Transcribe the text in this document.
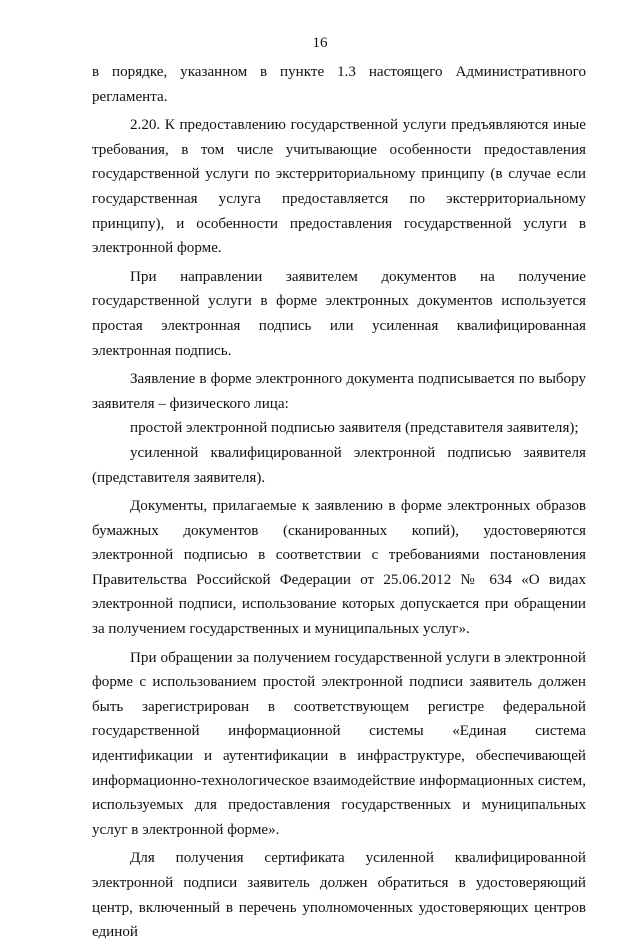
16

в порядке, указанном в пункте 1.3 настоящего Административного регламента.

2.20. К предоставлению государственной услуги предъявляются иные требования, в том числе учитывающие особенности предоставления государственной услуги по экстерриториальному принципу (в случае если государственная услуга предоставляется по экстерриториальному принципу), и особенности предоставления государственной услуги в электронной форме.

При направлении заявителем документов на получение государственной услуги в форме электронных документов используется простая электронная подпись или усиленная квалифицированная электронная подпись.

Заявление в форме электронного документа подписывается по выбору заявителя – физического лица:

простой электронной подписью заявителя (представителя заявителя);

усиленной квалифицированной электронной подписью заявителя (представителя заявителя).

Документы, прилагаемые к заявлению в форме электронных образов бумажных документов (сканированных копий), удостоверяются электронной подписью в соответствии с требованиями постановления Правительства Российской Федерации от 25.06.2012 № 634 «О видах электронной подписи, использование которых допускается при обращении за получением государственных и муниципальных услуг».

При обращении за получением государственной услуги в электронной форме с использованием простой электронной подписи заявитель должен быть зарегистрирован в соответствующем регистре федеральной государственной информационной системы «Единая система идентификации и аутентификации в инфраструктуре, обеспечивающей информационно-технологическое взаимодействие информационных систем, используемых для предоставления государственных и муниципальных услуг в электронной форме».

Для получения сертификата усиленной квалифицированной электронной подписи заявитель должен обратиться в удостоверяющий центр, включенный в перечень уполномоченных удостоверяющих центров единой
